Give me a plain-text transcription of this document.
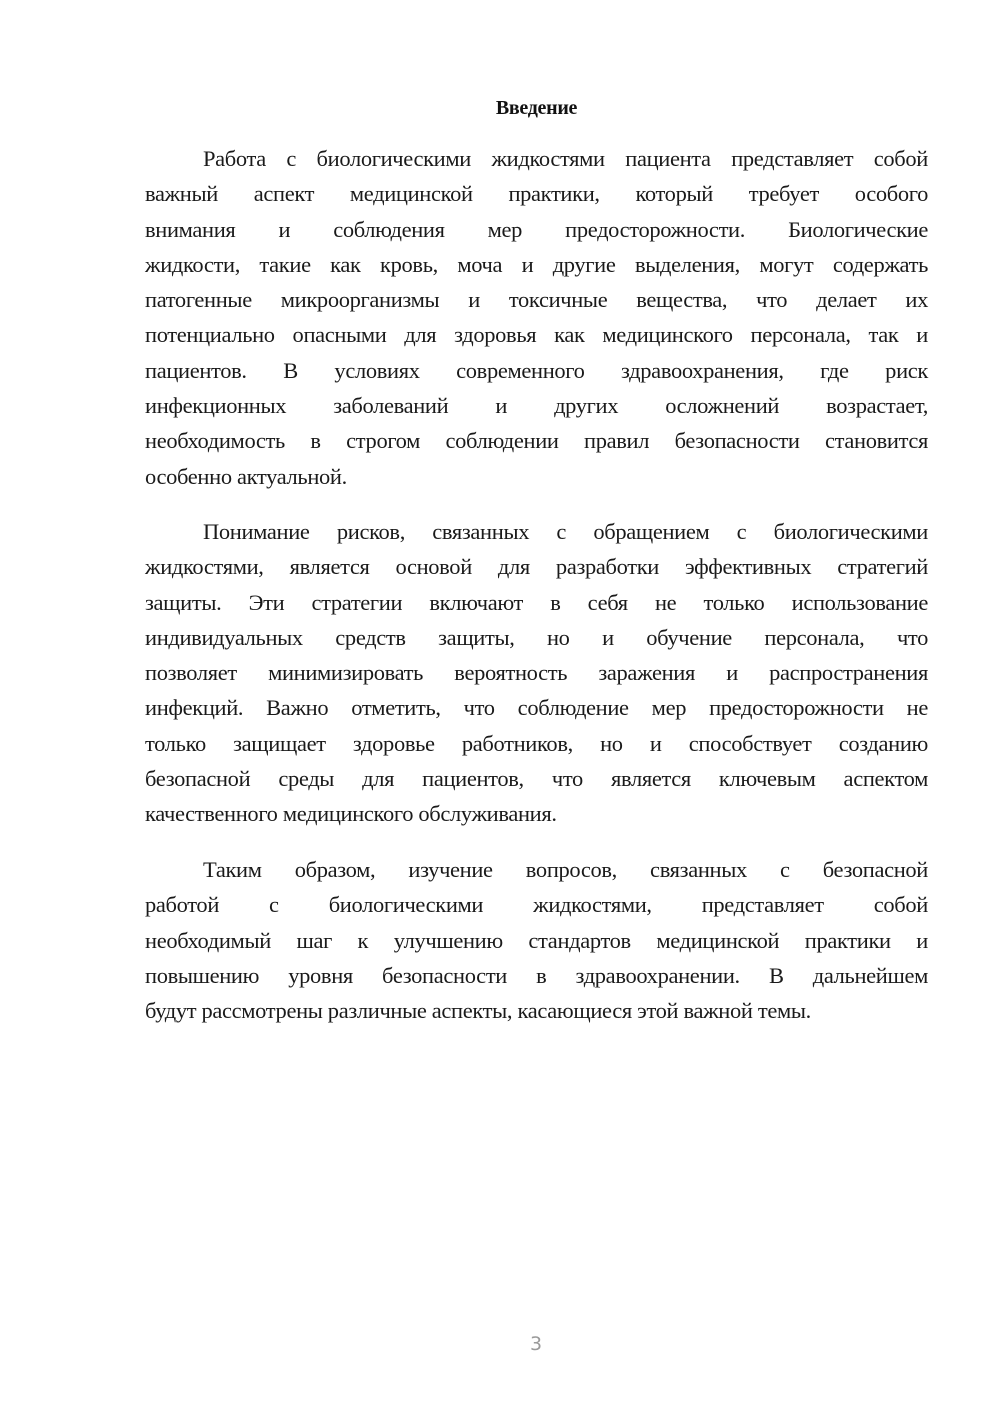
Введение
Работа с биологическими жидкостями пациента представляет собой
важный аспект медицинской практики, который требует особого
внимания и соблюдения мер предосторожности. Биологические
жидкости, такие как кровь, моча и другие выделения, могут содержать
патогенные микроорганизмы и токсичные вещества, что делает их
потенциально опасными для здоровья как медицинского персонала, так и
пациентов. В условиях современного здравоохранения, где риск
инфекционных заболеваний и других осложнений возрастает,
необходимость в строгом соблюдении правил безопасности становится
особенно актуальной.
Понимание рисков, связанных с обращением с биологическими
жидкостями, является основой для разработки эффективных стратегий
защиты. Эти стратегии включают в себя не только использование
индивидуальных средств защиты, но и обучение персонала, что
позволяет минимизировать вероятность заражения и распространения
инфекций. Важно отметить, что соблюдение мер предосторожности не
только защищает здоровье работников, но и способствует созданию
безопасной среды для пациентов, что является ключевым аспектом
качественного медицинского обслуживания.
Таким образом, изучение вопросов, связанных с безопасной
работой с биологическими жидкостями, представляет собой
необходимый шаг к улучшению стандартов медицинской практики и
повышению уровня безопасности в здравоохранении. В дальнейшем
будут рассмотрены различные аспекты, касающиеся этой важной темы.
3
